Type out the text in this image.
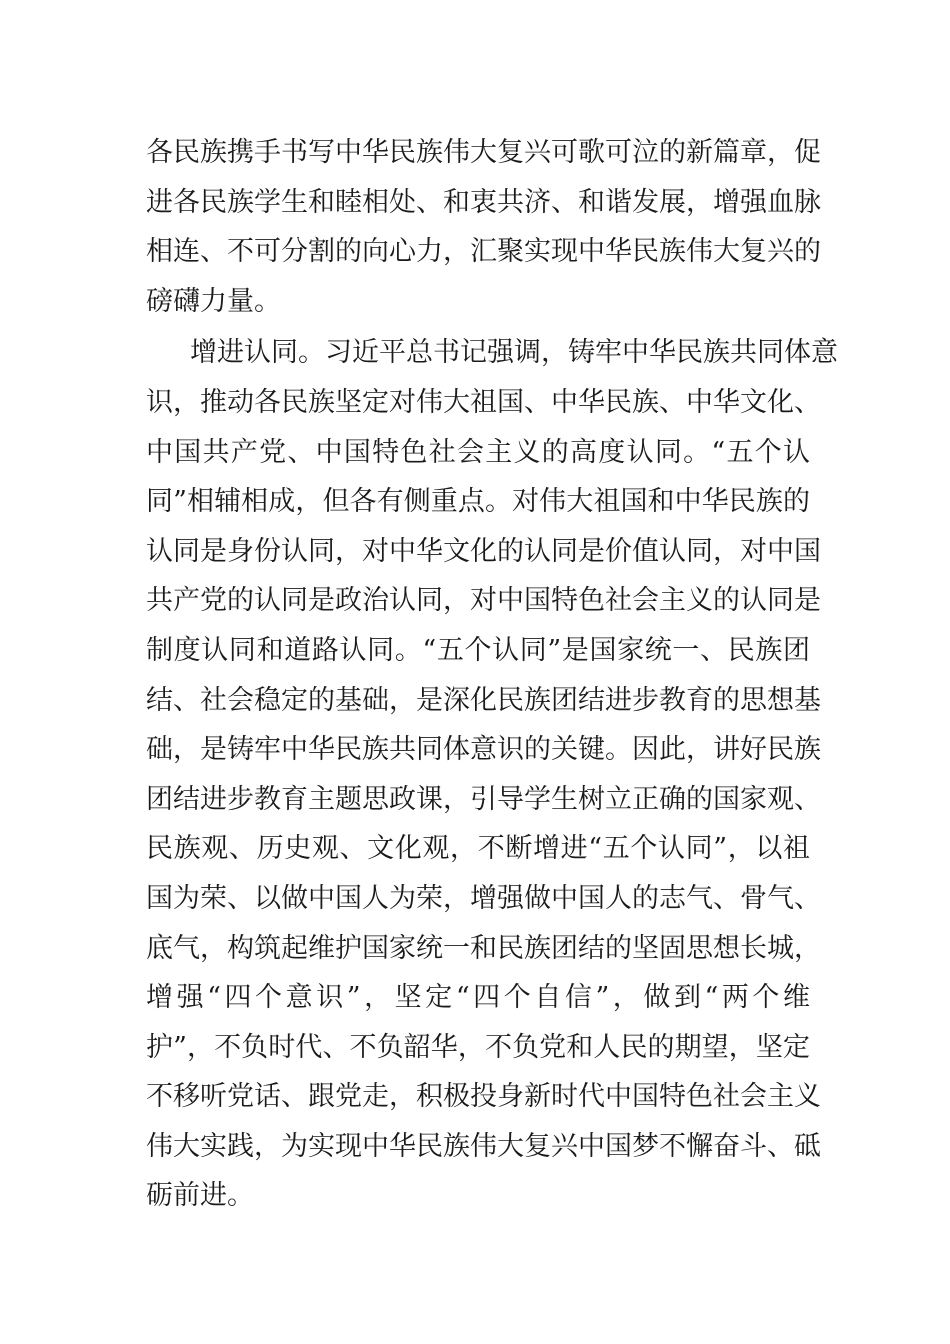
各民族携手书写中华民族伟大复兴可歌可泣的新篇章，促
进各民族学生和睦相处、和衷共济、和谐发展，增强血脉
相连、不可分割的向心力，汇聚实现中华民族伟大复兴的
磅礴力量。
增进认同。习近平总书记强调，铸牢中华民族共同体意
识，推动各民族坚定对伟大祖国、中华民族、中华文化、
中国共产党、中国特色社会主义的高度认同。“五个认
同”相辅相成，但各有侧重点。对伟大祖国和中华民族的
认同是身份认同，对中华文化的认同是价值认同，对中国
共产党的认同是政治认同，对中国特色社会主义的认同是
制度认同和道路认同。“五个认同”是国家统一、民族团
结、社会稳定的基础，是深化民族团结进步教育的思想基
础，是铸牢中华民族共同体意识的关键。因此，讲好民族
团结进步教育主题思政课，引导学生树立正确的国家观、
民族观、历史观、文化观，不断增进“五个认同”，以祖
国为荣、以做中国人为荣，增强做中国人的志气、骨气、
底气，构筑起维护国家统一和民族团结的坚固思想长城，
增强“四个意识”，坚定“四个自信”，做到“两个维
护”，不负时代、不负韶华，不负党和人民的期望，坚定
不移听党话、跟党走，积极投身新时代中国特色社会主义
伟大实践，为实现中华民族伟大复兴中国梦不懈奋斗、砥
砺前进。
